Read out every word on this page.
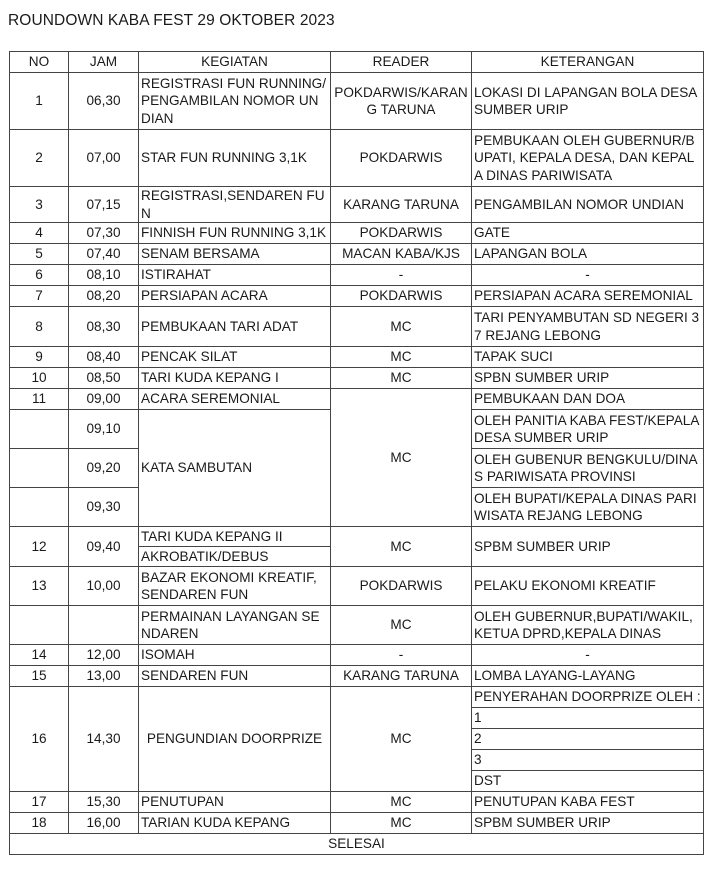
ROUNDOWN KABA FEST 29 OKTOBER 2023
NO	JAM	KEGIATAN	READER	KETERANGAN
1	06,30	REGISTRASI FUN RUNNING/PENGAMBILAN NOMOR UNDIAN	POKDARWIS/KARANG TARUNA	LOKASI DI LAPANGAN BOLA DESA SUMBER URIP
2	07,00	STAR FUN RUNNING 3,1K	POKDARWIS	PEMBUKAAN OLEH GUBERNUR/BUPATI, KEPALA DESA, DAN KEPALA DINAS PARIWISATA
3	07,15	REGISTRASI,SENDAREN FUN	KARANG TARUNA	PENGAMBILAN NOMOR UNDIAN
4	07,30	FINNISH FUN RUNNING 3,1K	POKDARWIS	GATE
5	07,40	SENAM BERSAMA	MACAN KABA/KJS	LAPANGAN BOLA
6	08,10	ISTIRAHAT	-	-
7	08,20	PERSIAPAN ACARA	POKDARWIS	PERSIAPAN ACARA SEREMONIAL
8	08,30	PEMBUKAAN TARI ADAT	MC	TARI PENYAMBUTAN SD NEGERI 37 REJANG LEBONG
9	08,40	PENCAK SILAT	MC	TAPAK SUCI
10	08,50	TARI KUDA KEPANG I	MC	SPBN SUMBER URIP
11	09,00	ACARA SEREMONIAL	MC	PEMBUKAAN DAN DOA
	09,10	KATA SAMBUTAN		OLEH PANITIA KABA FEST/KEPALA DESA SUMBER URIP
	09,20			OLEH GUBENUR BENGKULU/DINAS PARIWISATA PROVINSI
	09,30			OLEH BUPATI/KEPALA DINAS PARIWISATA REJANG LEBONG
12	09,40	TARI KUDA KEPANG II	MC	SPBM SUMBER URIP
		AKROBATIK/DEBUS		
13	10,00	BAZAR EKONOMI KREATIF, SENDAREN FUN	POKDARWIS	PELAKU EKONOMI KREATIF
		PERMAINAN LAYANGAN SENDAREN	MC	OLEH GUBERNUR,BUPATI/WAKIL,KETUA DPRD,KEPALA DINAS
14	12,00	ISOMAH	-	-
15	13,00	SENDAREN FUN	KARANG TARUNA	LOMBA LAYANG-LAYANG
16	14,30	PENGUNDIAN DOORPRIZE	MC	PENYERAHAN DOORPRIZE OLEH :
				1
				2
				3
				DST
17	15,30	PENUTUPAN	MC	PENUTUPAN KABA FEST
18	16,00	TARIAN KUDA KEPANG	MC	SPBM SUMBER URIP
SELESAI				
